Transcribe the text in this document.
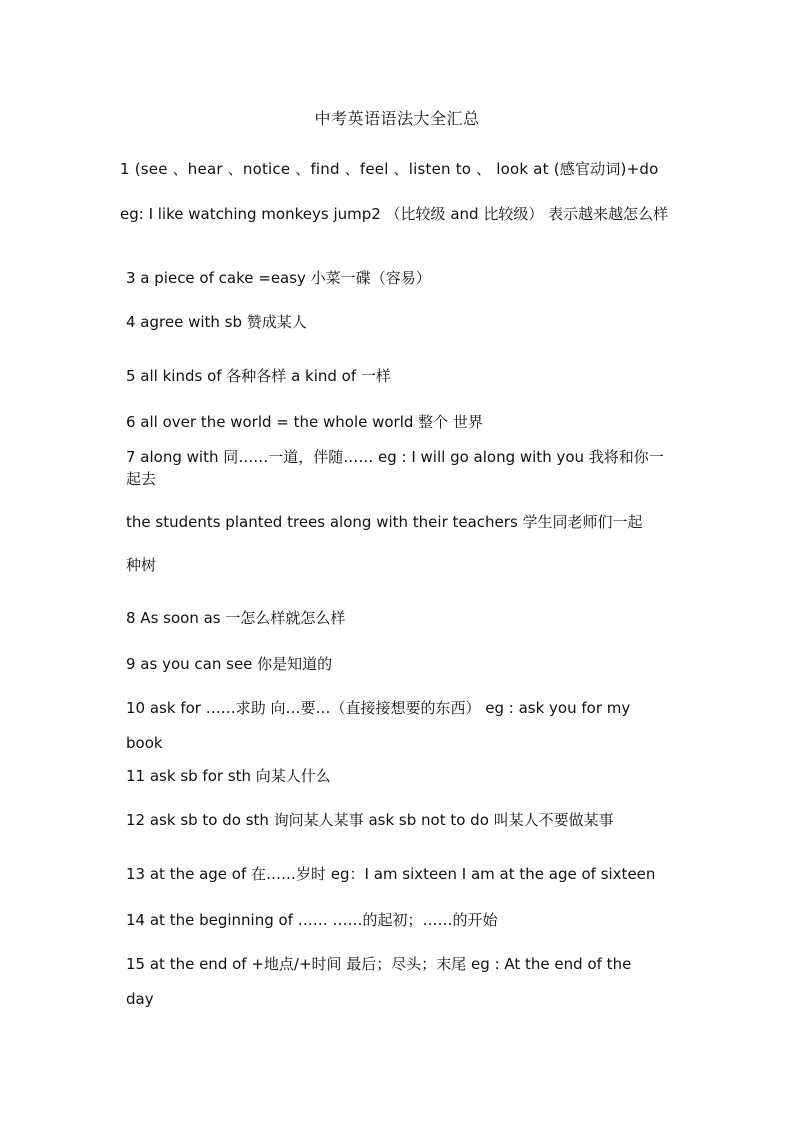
中考英语语法大全汇总
1 (see 、hear 、notice 、find 、feel 、listen to 、 look at (感官动词)+do
eg: I like watching monkeys jump2 （比较级 and 比较级） 表示越来越怎么样
3 a piece of cake =easy 小菜一碟（容易）
4 agree with sb 赞成某人
5 all kinds of 各种各样 a kind of 一样
6 all over the world = the whole world 整个 世界
7 along with 同……一道，伴随…… eg : I will go along with you 我将和你一起去
the students planted trees along with their teachers 学生同老师们一起
种树
8 As soon as 一怎么样就怎么样
9 as you can see 你是知道的
10 ask for ……求助 向…要…（直接接想要的东西） eg : ask you for my
book
11 ask sb for sth 向某人什么
12 ask sb to do sth 询问某人某事 ask sb not to do 叫某人不要做某事
13 at the age of 在……岁时 eg：I am sixteen I am at the age of sixteen
14 at the beginning of …… ……的起初；……的开始
15 at the end of +地点/+时间 最后；尽头；末尾 eg : At the end of the
day
